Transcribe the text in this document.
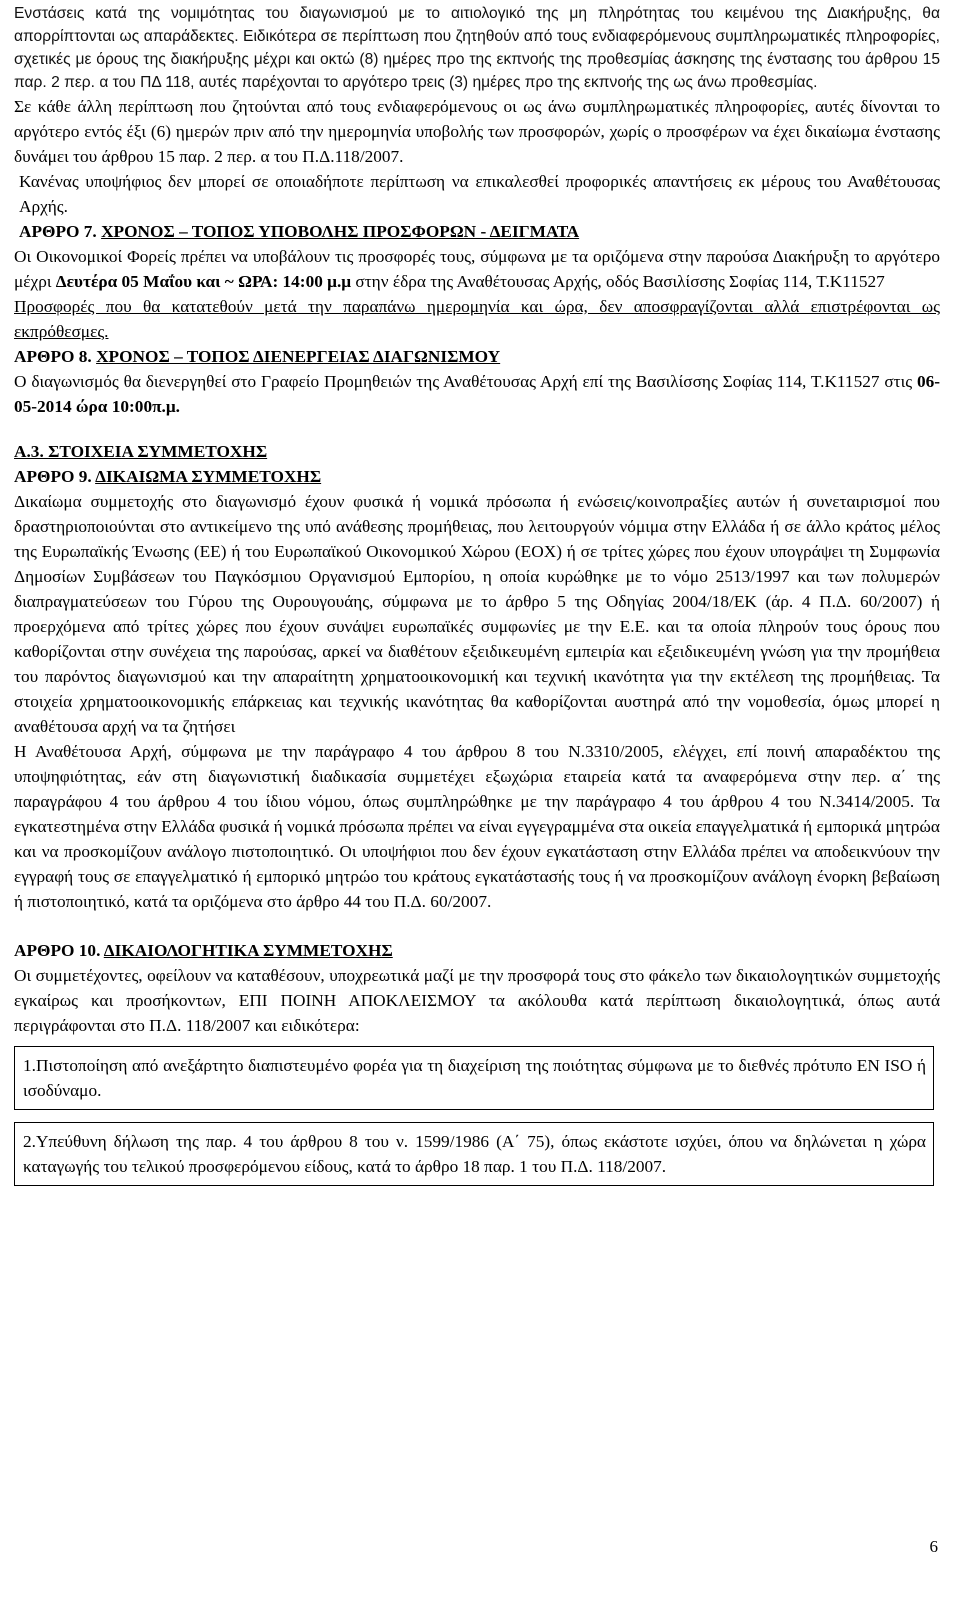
Ενστάσεις κατά της νομιμότητας του διαγωνισμού με το αιτιολογικό της μη πληρότητας του κειμένου της Διακήρυξης, θα απορρίπτονται ως απαράδεκτες. Ειδικότερα σε περίπτωση που ζητηθούν από τους ενδιαφερόμενους συμπληρωματικές πληροφορίες, σχετικές με όρους της διακήρυξης μέχρι και οκτώ (8) ημέρες προ της εκπνοής της προθεσμίας άσκησης της ένστασης του άρθρου 15 παρ. 2 περ. α του ΠΔ 118, αυτές παρέχονται το αργότερο τρεις (3) ημέρες προ της εκπνοής της ως άνω προθεσμίας.

Σε κάθε άλλη περίπτωση που ζητούνται από τους ενδιαφερόμενους οι ως άνω συμπληρωματικές πληροφορίες, αυτές δίνονται το αργότερο εντός έξι (6) ημερών πριν από την ημερομηνία υποβολής των προσφορών, χωρίς ο προσφέρων να έχει δικαίωμα ένστασης δυνάμει του άρθρου 15 παρ. 2 περ. α του Π.Δ.118/2007.

Κανένας υποψήφιος δεν μπορεί σε οποιαδήποτε περίπτωση να επικαλεσθεί προφορικές απαντήσεις εκ μέρους του Αναθέτουσας Αρχής.

ΑΡΘΡΟ 7. ΧΡΟΝΟΣ – ΤΟΠΟΣ ΥΠΟΒΟΛΗΣ ΠΡΟΣΦΟΡΩΝ - ΔΕΙΓΜΑΤΑ

Οι Οικονομικοί Φορείς πρέπει να υποβάλουν τις προσφορές τους, σύμφωνα με τα οριζόμενα στην παρούσα Διακήρυξη το αργότερο μέχρι Δευτέρα 05 Μαΐου και ~ ΩΡΑ: 14:00 μ.μ στην έδρα της Αναθέτουσας Αρχής, οδός Βασιλίσσης Σοφίας 114, Τ.Κ11527

Προσφορές που θα κατατεθούν μετά την παραπάνω ημερομηνία και ώρα, δεν αποσφραγίζονται αλλά επιστρέφονται ως εκπρόθεσμες.

ΑΡΘΡΟ 8. ΧΡΟΝΟΣ – ΤΟΠΟΣ ΔΙΕΝΕΡΓΕΙΑΣ ΔΙΑΓΩΝΙΣΜΟΥ

Ο διαγωνισμός θα διενεργηθεί στο Γραφείο Προμηθειών της Αναθέτουσας Αρχή επί της Βασιλίσσης Σοφίας 114, Τ.Κ11527 στις 06-05-2014 ώρα 10:00π.μ.

Α.3. ΣΤΟΙΧΕΙΑ ΣΥΜΜΕΤΟΧΗΣ
ΑΡΘΡΟ 9. ΔΙΚΑΙΩΜΑ ΣΥΜΜΕΤΟΧΗΣ

Δικαίωμα συμμετοχής στο διαγωνισμό έχουν φυσικά ή νομικά πρόσωπα ή ενώσεις/κοινοπραξίες αυτών ή συνεταιρισμοί που δραστηριοποιούνται στο αντικείμενο της υπό ανάθεσης προμήθειας, που λειτουργούν νόμιμα στην Ελλάδα ή σε άλλο κράτος μέλος της Ευρωπαϊκής Ένωσης (ΕΕ) ή του Ευρωπαϊκού Οικονομικού Χώρου (ΕΟΧ) ή σε τρίτες χώρες που έχουν υπογράψει τη Συμφωνία Δημοσίων Συμβάσεων του Παγκόσμιου Οργανισμού Εμπορίου, η οποία κυρώθηκε με το νόμο 2513/1997 και των πολυμερών διαπραγματεύσεων του Γύρου της Ουρουγουάης, σύμφωνα με το άρθρο 5 της Οδηγίας 2004/18/ΕΚ (άρ. 4 Π.Δ. 60/2007) ή προερχόμενα από τρίτες χώρες που έχουν συνάψει ευρωπαϊκές συμφωνίες με την Ε.Ε. και τα οποία πληρούν τους όρους που καθορίζονται στην συνέχεια της παρούσας, αρκεί να διαθέτουν εξειδικευμένη εμπειρία και εξειδικευμένη γνώση για την προμήθεια του παρόντος διαγωνισμού και την απαραίτητη χρηματοοικονομική και τεχνική ικανότητα για την εκτέλεση της προμήθειας. Τα στοιχεία χρηματοοικονομικής επάρκειας και τεχνικής ικανότητας θα καθορίζονται αυστηρά από την νομοθεσία, όμως μπορεί η αναθέτουσα αρχή να τα ζητήσει

Η Αναθέτουσα Αρχή, σύμφωνα με την παράγραφο 4 του άρθρου 8 του Ν.3310/2005, ελέγχει, επί ποινή απαραδέκτου της υποψηφιότητας, εάν στη διαγωνιστική διαδικασία συμμετέχει εξωχώρια εταιρεία κατά τα αναφερόμενα στην περ. α΄ της παραγράφου 4 του άρθρου 4 του ίδιου νόμου, όπως συμπληρώθηκε με την παράγραφο 4 του άρθρου 4 του Ν.3414/2005. Τα εγκατεστημένα στην Ελλάδα φυσικά ή νομικά πρόσωπα πρέπει να είναι εγγεγραμμένα στα οικεία επαγγελματικά ή εμπορικά μητρώα και να προσκομίζουν ανάλογο πιστοποιητικό. Οι υποψήφιοι που δεν έχουν εγκατάσταση στην Ελλάδα πρέπει να αποδεικνύουν την εγγραφή τους σε επαγγελματικό ή εμπορικό μητρώο του κράτους εγκατάστασής τους ή να προσκομίζουν ανάλογη ένορκη βεβαίωση ή πιστοποιητικό, κατά τα οριζόμενα στο άρθρο 44 του Π.Δ. 60/2007.

ΑΡΘΡΟ 10. ΔΙΚΑΙΟΛΟΓΗΤΙΚΑ ΣΥΜΜΕΤΟΧΗΣ

Οι συμμετέχοντες, οφείλουν να καταθέσουν, υποχρεωτικά μαζί με την προσφορά τους στο φάκελο των δικαιολογητικών συμμετοχής εγκαίρως και προσήκοντων, ΕΠΙ ΠΟΙΝΗ ΑΠΟΚΛΕΙΣΜΟΥ τα ακόλουθα κατά περίπτωση δικαιολογητικά, όπως αυτά περιγράφονται στο Π.Δ. 118/2007 και ειδικότερα:

1.Πιστοποίηση από ανεξάρτητο διαπιστευμένο φορέα για τη διαχείριση της ποιότητας σύμφωνα με το διεθνές πρότυπο EN ISO ή ισοδύναμο.
2.Υπεύθυνη δήλωση της παρ. 4 του άρθρου 8 του ν. 1599/1986 (Α΄ 75), όπως εκάστοτε ισχύει, όπου να δηλώνεται η χώρα καταγωγής του τελικού προσφερόμενου είδους, κατά το άρθρο 18 παρ. 1 του Π.Δ. 118/2007.
6
